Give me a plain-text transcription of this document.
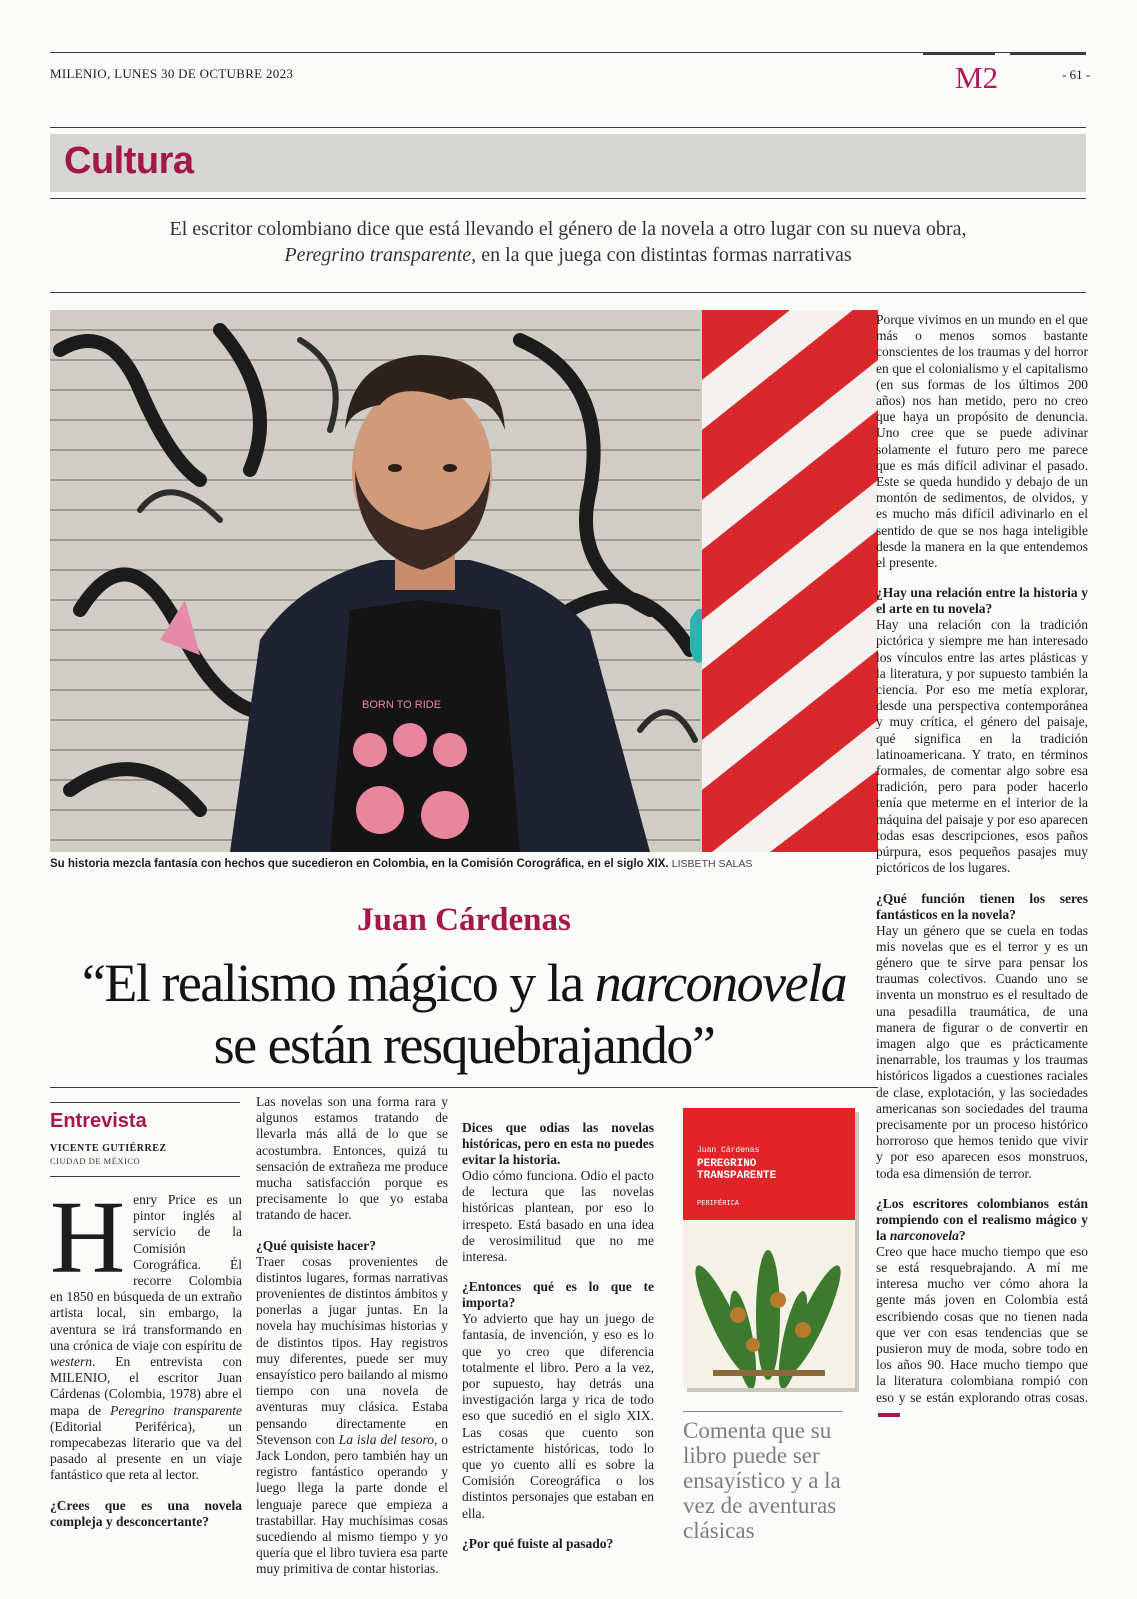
MILENIO, LUNES 30 DE OCTUBRE 2023	M2	- 61 -
Cultura
El escritor colombiano dice que está llevando el género de la novela a otro lugar con su nueva obra,
Peregrino transparente, en la que juega con distintas formas narrativas
BORN TO RIDE
Su historia mezcla fantasía con hechos que sucedieron en Colombia, en la Comisión Corográfica, en el siglo XIX. LISBETH SALAS
Juan Cárdenas
“El realismo mágico y la narconovela
se están resquebrajando”
Entrevista
VICENTE GUTIÉRREZ
CIUDAD DE MÉXICO

Henry Price es un pintor inglés al servicio de la Comisión Corográfica. Él recorre Colombia en 1850 en búsqueda de un extraño artista local, sin embargo, la aventura se irá transformando en una crónica de viaje con espíritu de western. En entrevista con MILENIO, el escritor Juan Cárdenas (Colombia, 1978) abre el mapa de Peregrino transparente (Editorial Periférica), un rompecabezas literario que va del pasado al presente en un viaje fantástico que reta al lector.

¿Crees que es una novela compleja y desconcertante?

Las novelas son una forma rara y algunos estamos tratando de llevarla más allá de lo que se acostumbra. Entonces, quizá tu sensación de extrañeza me produce mucha satisfacción porque es precisamente lo que yo estaba tratando de hacer.

¿Qué quisiste hacer?

Traer cosas provenientes de distintos lugares, formas narrativas provenientes de distintos ámbitos y ponerlas a jugar juntas. En la novela hay muchísimas historias y de distintos tipos. Hay registros muy diferentes, puede ser muy ensayístico pero bailando al mismo tiempo con una novela de aventuras muy clásica. Estaba pensando directamente en Stevenson con La isla del tesoro, o Jack London, pero también hay un registro fantástico operando y luego llega la parte donde el lenguaje parece que empieza a trastabillar. Hay muchísimas cosas sucediendo al mismo tiempo y yo quería que el libro tuviera esa parte muy primitiva de contar historias.

Dices que odias las novelas históricas, pero en esta no puedes evitar la historia.

Odio cómo funciona. Odio el pacto de lectura que las novelas históricas plantean, por eso lo irrespeto. Está basado en una idea de verosimilitud que no me interesa.

¿Entonces qué es lo que te importa?

Yo advierto que hay un juego de fantasía, de invención, y eso es lo que yo creo que diferencia totalmente el libro. Pero a la vez, por supuesto, hay detrás una investigación larga y rica de todo eso que sucedió en el siglo XIX. Las cosas que cuento son estrictamente históricas, todo lo que yo cuento allí es sobre la Comisión Coreográfica o los distintos personajes que estaban en ella.

¿Por qué fuiste al pasado?

Juan Cárdenas
PEREGRINO
TRANSPARENTE
PERIFÉRICA
Comenta que su libro puede ser ensayístico y a la vez de aventuras clásicas

Porque vivimos en un mundo en el que más o menos somos bastante conscientes de los traumas y del horror en que el colonialismo y el capitalismo (en sus formas de los últimos 200 años) nos han metido, pero no creo que haya un propósito de denuncia. Uno cree que se puede adivinar solamente el futuro pero me parece que es más difícil adivinar el pasado. Este se queda hundido y debajo de un montón de sedimentos, de olvidos, y es mucho más difícil adivinarlo en el sentido de que se nos haga inteligible desde la manera en la que entendemos el presente.

¿Hay una relación entre la historia y el arte en tu novela?

Hay una relación con la tradición pictórica y siempre me han interesado los vínculos entre las artes plásticas y la literatura, y por supuesto también la ciencia. Por eso me metía explorar, desde una perspectiva contemporánea y muy crítica, el género del paisaje, qué significa en la tradición latinoamericana. Y trato, en términos formales, de comentar algo sobre esa tradición, pero para poder hacerlo tenía que meterme en el interior de la máquina del paisaje y por eso aparecen todas esas descripciones, esos paños púrpura, esos pequeños pasajes muy pictóricos de los lugares.

¿Qué función tienen los seres fantásticos en la novela?

Hay un género que se cuela en todas mis novelas que es el terror y es un género que te sirve para pensar los traumas colectivos. Cuando uno se inventa un monstruo es el resultado de una pesadilla traumática, de una manera de figurar o de convertir en imagen algo que es prácticamente inenarrable, los traumas y los traumas históricos ligados a cuestiones raciales de clase, explotación, y las sociedades americanas son sociedades del trauma precisamente por un proceso histórico horroroso que hemos tenido que vivir y por eso aparecen esos monstruos, toda esa dimensión de terror.

¿Los escritores colombianos están rompiendo con el realismo mágico y la narconovela?

Creo que hace mucho tiempo que eso se está resquebrajando. A mí me interesa mucho ver cómo ahora la gente más joven en Colombia está escribiendo cosas que no tienen nada que ver con esas tendencias que se pusieron muy de moda, sobre todo en los años 90. Hace mucho tiempo que la literatura colombiana rompió con eso y se están explorando otras cosas.
